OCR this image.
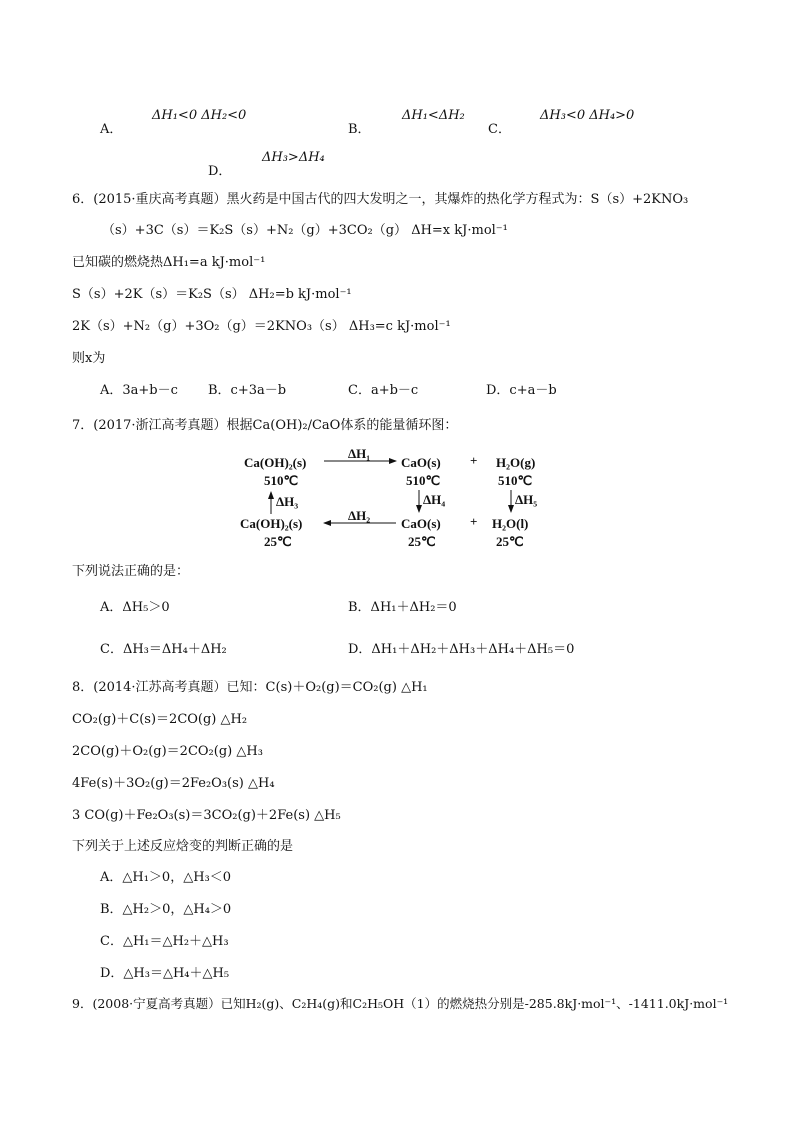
A．
ΔH₁<0 ΔH₂<0
B．
ΔH₁<ΔH₂
C．
ΔH₃<0 ΔH₄>0
D．
ΔH₃>ΔH₄
6．(2015·重庆高考真题）黑火药是中国古代的四大发明之一，其爆炸的热化学方程式为：S（s）+2KNO₃
（s）+3C（s）＝K₂S（s）+N₂（g）+3CO₂（g） ΔH=x kJ·mol⁻¹
已知碳的燃烧热ΔH₁=a kJ·mol⁻¹
S（s）+2K（s）＝K₂S（s） ΔH₂=b kJ·mol⁻¹
2K（s）+N₂（g）+3O₂（g）＝2KNO₃（s） ΔH₃=c kJ·mol⁻¹
则x为
A．3a+b－c B．c+3a－b	C．a+b－c	D．c+a－b
7．(2017·浙江高考真题）根据Ca(OH)₂/CaO体系的能量循环图：
Ca(OH)₂(s)
510℃
ΔH₁
CaO(s)
510℃
+ H₂O(g)
510℃
ΔH₃	ΔH₄	ΔH₅
Ca(OH)₂(s)
25℃
ΔH₂
CaO(s)
25℃
+ H₂O(l)
25℃
下列说法正确的是：
A．ΔH₅＞0	B．ΔH₁＋ΔH₂＝0
C．ΔH₃＝ΔH₄＋ΔH₂	D．ΔH₁＋ΔH₂＋ΔH₃＋ΔH₄＋ΔH₅＝0
8．(2014·江苏高考真题）已知：C(s)＋O₂(g)＝CO₂(g) △H₁
CO₂(g)＋C(s)＝2CO(g) △H₂
2CO(g)＋O₂(g)＝2CO₂(g) △H₃
4Fe(s)＋3O₂(g)＝2Fe₂O₃(s) △H₄
3 CO(g)＋Fe₂O₃(s)＝3CO₂(g)＋2Fe(s) △H₅
下列关于上述反应焓变的判断正确的是
A．△H₁＞0，△H₃＜0
B．△H₂＞0，△H₄＞0
C．△H₁＝△H₂＋△H₃
D．△H₃＝△H₄＋△H₅
9．(2008·宁夏高考真题）已知H₂(g)、C₂H₄(g)和C₂H₅OH（1）的燃烧热分别是-285.8kJ·mol⁻¹、-1411.0kJ·mol⁻¹
